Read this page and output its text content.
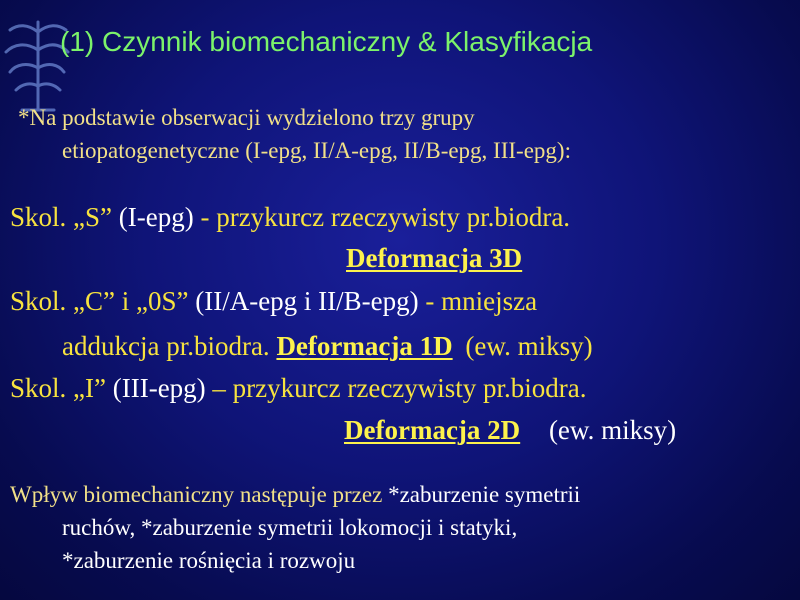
(1) Czynnik biomechaniczny & Klasyfikacja
*Na podstawie obserwacji wydzielono trzy grupy
etiopatogenetyczne (I-epg, II/A-epg, II/B-epg, III-epg):
Skol. „S” (I-epg) - przykurcz rzeczywisty pr.biodra.
Deformacja 3D
Skol. „C” i „0S” (II/A-epg i II/B-epg) - mniejsza
addukcja pr.biodra. Deformacja 1D (ew. miksy)
Skol. „I” (III-epg) – przykurcz rzeczywisty pr.biodra.
Deformacja 2D (ew. miksy)
Wpływ biomechaniczny następuje przez *zaburzenie symetrii
ruchów, *zaburzenie symetrii lokomocji i statyki,
*zaburzenie rośnięcia i rozwoju
